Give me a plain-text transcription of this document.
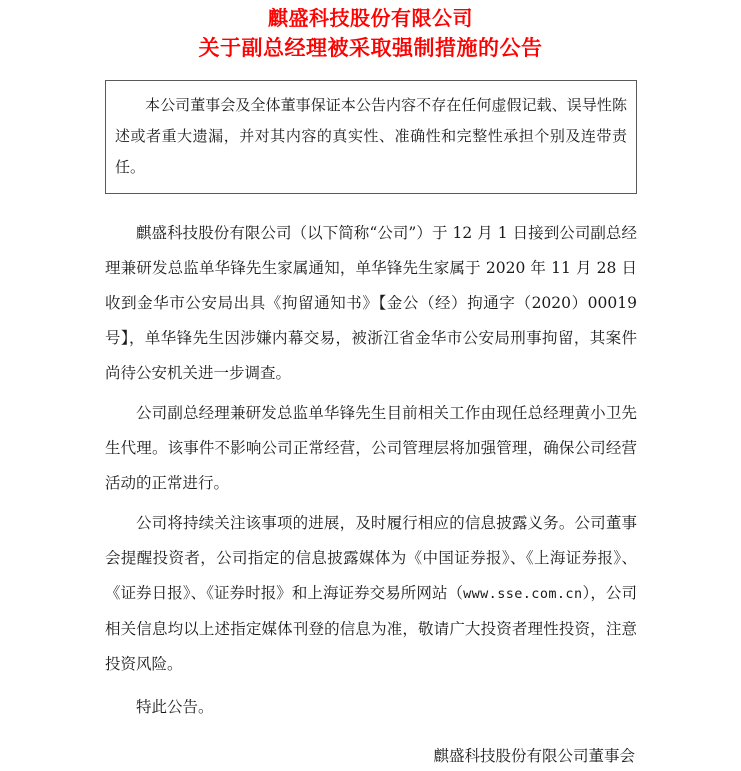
麒盛科技股份有限公司
关于副总经理被采取强制措施的公告

本公司董事会及全体董事保证本公告内容不存在任何虚假记载、误导性陈述或者重大遗漏，并对其内容的真实性、准确性和完整性承担个别及连带责任。

麒盛科技股份有限公司（以下简称“公司”）于 12 月 1 日接到公司副总经理兼研发总监单华锋先生家属通知，单华锋先生家属于 2020 年 11 月 28 日收到金华市公安局出具《拘留通知书》【金公（经）拘通字（2020）00019 号】，单华锋先生因涉嫌内幕交易，被浙江省金华市公安局刑事拘留，其案件尚待公安机关进一步调查。

公司副总经理兼研发总监单华锋先生目前相关工作由现任总经理黄小卫先生代理。该事件不影响公司正常经营，公司管理层将加强管理，确保公司经营活动的正常进行。

公司将持续关注该事项的进展，及时履行相应的信息披露义务。公司董事会提醒投资者，公司指定的信息披露媒体为《中国证券报》、《上海证券报》、《证券日报》、《证券时报》和上海证券交易所网站（www.sse.com.cn），公司相关信息均以上述指定媒体刊登的信息为准，敬请广大投资者理性投资，注意投资风险。

特此公告。

麒盛科技股份有限公司董事会
